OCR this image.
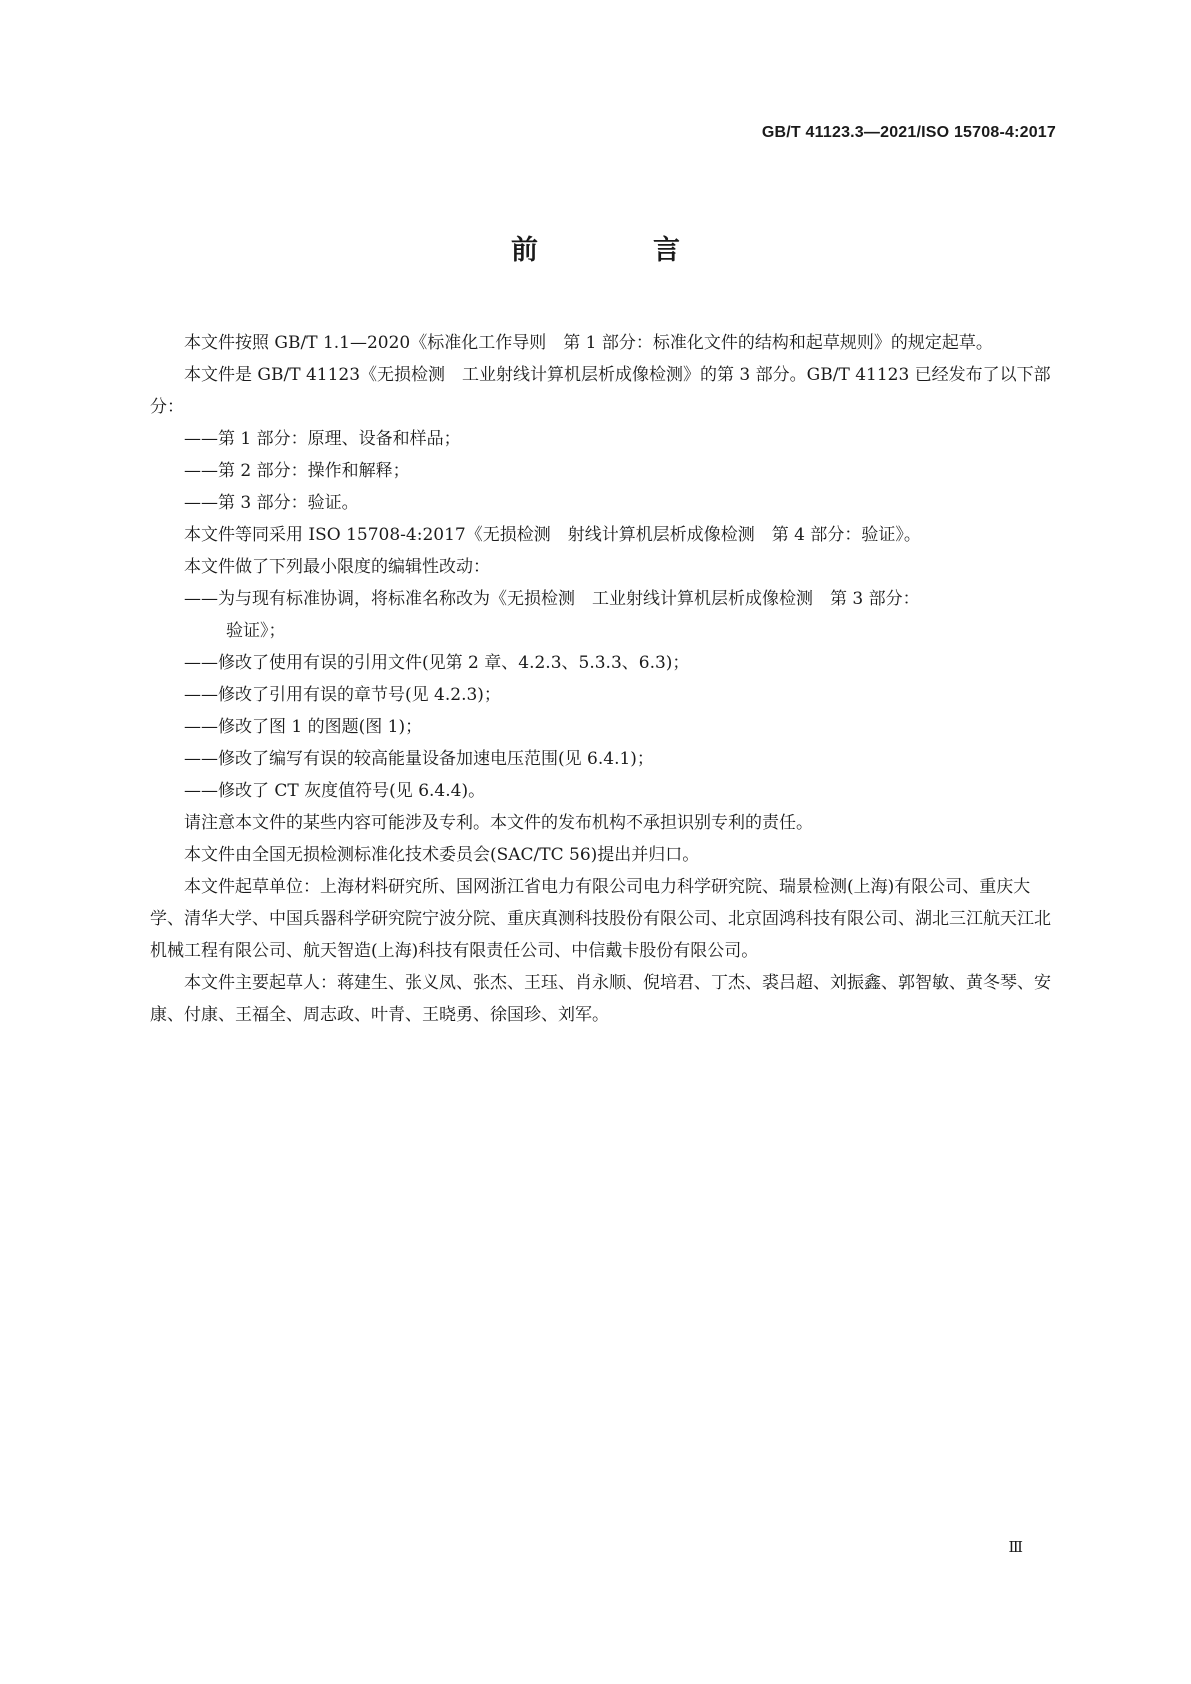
GB/T 41123.3—2021/ISO 15708-4:2017
前　言

本文件按照 GB/T 1.1—2020《标准化工作导则　第 1 部分：标准化文件的结构和起草规则》的规定起草。

本文件是 GB/T 41123《无损检测　工业射线计算机层析成像检测》的第 3 部分。GB/T 41123 已经发布了以下部分：

——第 1 部分：原理、设备和样品；

——第 2 部分：操作和解释；

——第 3 部分：验证。

本文件等同采用 ISO 15708-4:2017《无损检测　射线计算机层析成像检测　第 4 部分：验证》。

本文件做了下列最小限度的编辑性改动：

——为与现有标准协调，将标准名称改为《无损检测　工业射线计算机层析成像检测　第 3 部分：
验证》；

——修改了使用有误的引用文件(见第 2 章、4.2.3、5.3.3、6.3)；

——修改了引用有误的章节号(见 4.2.3)；

——修改了图 1 的图题(图 1)；

——修改了编写有误的较高能量设备加速电压范围(见 6.4.1)；

——修改了 CT 灰度值符号(见 6.4.4)。

请注意本文件的某些内容可能涉及专利。本文件的发布机构不承担识别专利的责任。

本文件由全国无损检测标准化技术委员会(SAC/TC 56)提出并归口。

本文件起草单位：上海材料研究所、国网浙江省电力有限公司电力科学研究院、瑞景检测(上海)有限公司、重庆大学、清华大学、中国兵器科学研究院宁波分院、重庆真测科技股份有限公司、北京固鸿科技有限公司、湖北三江航天江北机械工程有限公司、航天智造(上海)科技有限责任公司、中信戴卡股份有限公司。

本文件主要起草人：蒋建生、张义凤、张杰、王珏、肖永顺、倪培君、丁杰、裘吕超、刘振鑫、郭智敏、黄冬琴、安康、付康、王福全、周志政、叶青、王晓勇、徐国珍、刘军。

Ⅲ
